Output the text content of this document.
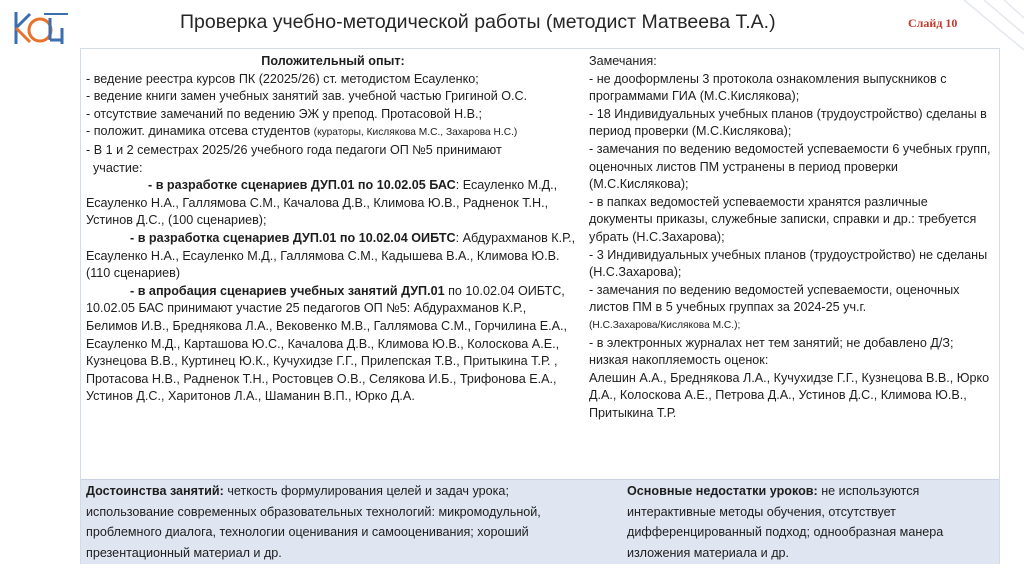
Проверка учебно-методической работы (методист Матвеева Т.А.)	Слайд 10

Положительный опыт:

- ведение реестра курсов ПК (22025/26) ст. методистом Есауленко;

- ведение книги замен учебных занятий зав. учебной частью Григиной О.С.

- отсутствие замечаний по ведению ЭЖ у препод. Протасовой Н.В.;

- положит. динамика отсева студентов (кураторы, Кислякова М.С., Захарова Н.С.)

- В 1 и 2 семестрах 2025/26 учебного года педагоги ОП №5 принимают

участие:

- в разработке сценариев ДУП.01 по 10.02.05 БАС: Есауленко М.Д., Есауленко Н.А., Галлямова С.М., Качалова Д.В., Климова Ю.В., Радненок Т.Н., Устинов Д.С., (100 сценариев);

- в разработка сценариев ДУП.01 по 10.02.04 ОИБТС: Абдурахманов К.Р., Есауленко Н.А., Есауленко М.Д., Галлямова С.М., Кадышева В.А., Климова Ю.В. (110 сценариев)

- в апробация сценариев учебных занятий ДУП.01 по 10.02.04 ОИБТС, 10.02.05 БАС принимают участие 25 педагогов ОП №5: Абдурахманов К.Р., Белимов И.В., Бреднякова Л.А., Вековенко М.В., Галлямова С.М., Горчилина Е.А., Есауленко М.Д., Карташова Ю.С., Качалова Д.В., Климова Ю.В., Колоскова А.Е., Кузнецова В.В., Куртинец Ю.К., Кучухидзе Г.Г., Прилепская Т.В., Притыкина Т.Р. , Протасова Н.В., Радненок Т.Н., Ростовцев О.В., Селякова И.Б., Трифонова Е.А., Устинов Д.С., Харитонов Л.А., Шаманин В.П., Юрко Д.А.

Замечания:

- не дооформлены 3 протокола ознакомления выпускников с программами ГИА (М.С.Кислякова);

- 18 Индивидуальных учебных планов (трудоустройство) сделаны в период проверки (М.С.Кислякова);

- замечания по ведению ведомостей успеваемости 6 учебных групп, оценочных листов ПМ устранены в период проверки (М.С.Кислякова);

- в папках ведомостей успеваемости хранятся различные документы приказы, служебные записки, справки и др.: требуется убрать (Н.С.Захарова);

- 3 Индивидуальных учебных планов (трудоустройство) не сделаны (Н.С.Захарова);

- замечания по ведению ведомостей успеваемости, оценочных листов ПМ в 5 учебных группах за 2024-25 уч.г.

(Н.С.Захарова/Кислякова М.С.);

- в электронных журналах нет тем занятий; не добавлено Д/З; низкая накопляемость оценок:

Алешин А.А., Бреднякова Л.А., Кучухидзе Г.Г., Кузнецова В.В., Юрко Д.А., Колоскова А.Е., Петрова Д.А., Устинов Д.С., Климова Ю.В., Притыкина Т.Р.

Достоинства занятий: четкость формулирования целей и задач урока; использование современных образовательных технологий: микромодульной, проблемного диалога, технологии оценивания и самооценивания; хороший презентационный материал и др.
Основные недостатки уроков: не используются интерактивные методы обучения, отсутствует дифференцированный подход; однообразная манера изложения материала и др.
